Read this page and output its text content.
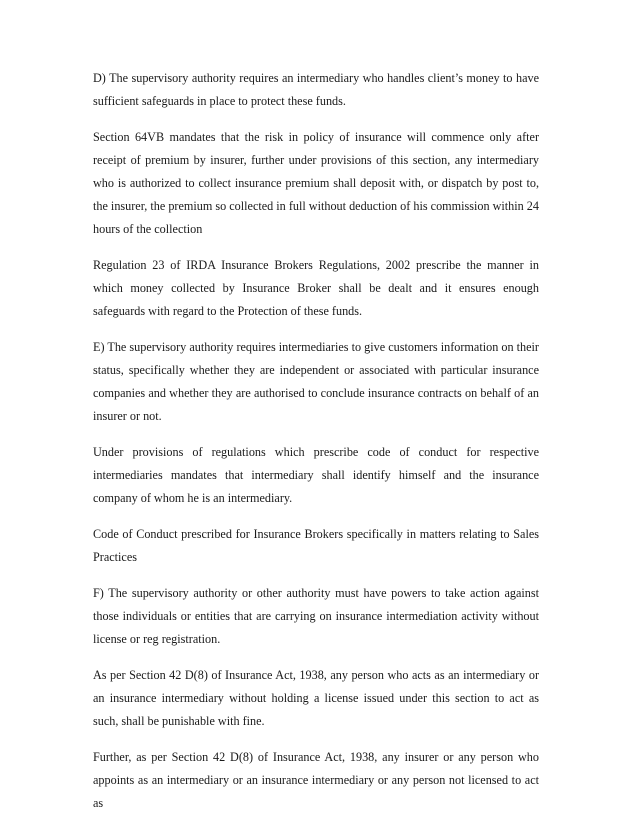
D) The supervisory authority requires an intermediary who handles client’s money to have sufficient safeguards in place to protect these funds.

Section 64VB mandates that the risk in policy of insurance will commence only after receipt of premium by insurer, further under provisions of this section, any intermediary who is authorized to collect insurance premium shall deposit with, or dispatch by post to, the insurer, the premium so collected in full without deduction of his commission within 24 hours of the collection

Regulation 23 of IRDA Insurance Brokers Regulations, 2002 prescribe the manner in which money collected by Insurance Broker shall be dealt and it ensures enough safeguards with regard to the Protection of these funds.

E) The supervisory authority requires intermediaries to give customers information on their status, specifically whether they are independent or associated with particular insurance companies and whether they are authorised to conclude insurance contracts on behalf of an insurer or not.

Under provisions of regulations which prescribe code of conduct for respective intermediaries mandates that intermediary shall identify himself and the insurance company of whom he is an intermediary.

Code of Conduct prescribed for Insurance Brokers specifically in matters relating to Sales Practices

F) The supervisory authority or other authority must have powers to take action against those individuals or entities that are carrying on insurance intermediation activity without license or reg registration.

As per Section 42 D(8) of Insurance Act, 1938, any person who acts as an intermediary or an insurance intermediary without holding a license issued under this section to act as such, shall be punishable with fine.

Further, as per Section 42 D(8) of Insurance Act, 1938, any insurer or any person who appoints as an intermediary or an insurance intermediary or any person not licensed to act as
